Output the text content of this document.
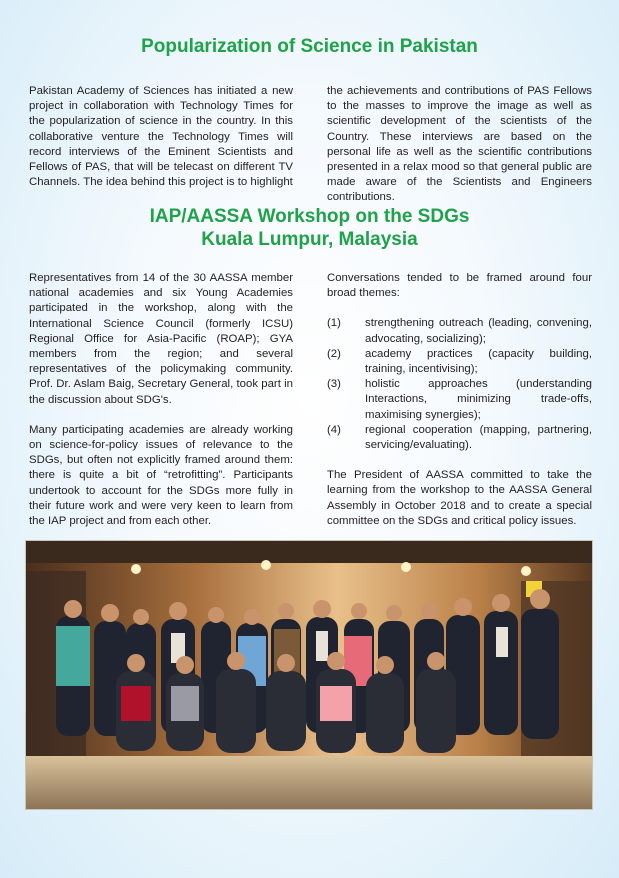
Popularization of Science in Pakistan

Pakistan Academy of Sciences has initiated a new project in collaboration with Technology Times for the popularization of science in the country. In this collaborative venture the Technology Times will record interviews of the Eminent Scientists and Fellows of PAS, that will be telecast on different TV Channels. The idea behind this project is to highlight

the achievements and contributions of PAS Fellows to the masses to improve the image as well as scientific development of the scientists of the Country. These interviews are based on the personal life as well as the scientific contributions presented in a relax mood so that general public are made aware of the Scientists and Engineers contributions.

IAP/AASSA Workshop on the SDGs
Kuala Lumpur, Malaysia

Representatives from 14 of the 30 AASSA member national academies and six Young Academies participated in the workshop, along with the International Science Council (formerly ICSU) Regional Office for Asia-Pacific (ROAP); GYA members from the region; and several representatives of the policymaking community. Prof. Dr. Aslam Baig, Secretary General, took part in the discussion about SDG's.

Many participating academies are already working on science-for-policy issues of relevance to the SDGs, but often not explicitly framed around them: there is quite a bit of “retrofitting”. Participants undertook to account for the SDGs more fully in their future work and were very keen to learn from the IAP project and from each other.

Conversations tended to be framed around four broad themes:

(1)	strengthening outreach (leading, convening, advocating, socializing);
(2)	academy practices (capacity building, training, incentivising);
(3)	holistic approaches (understanding Interactions, minimizing trade-offs, maximising synergies);
(4)	regional cooperation (mapping, partnering, servicing/evaluating).

The President of AASSA committed to take the learning from the workshop to the AASSA General Assembly in October 2018 and to create a special committee on the SDGs and critical policy issues.
